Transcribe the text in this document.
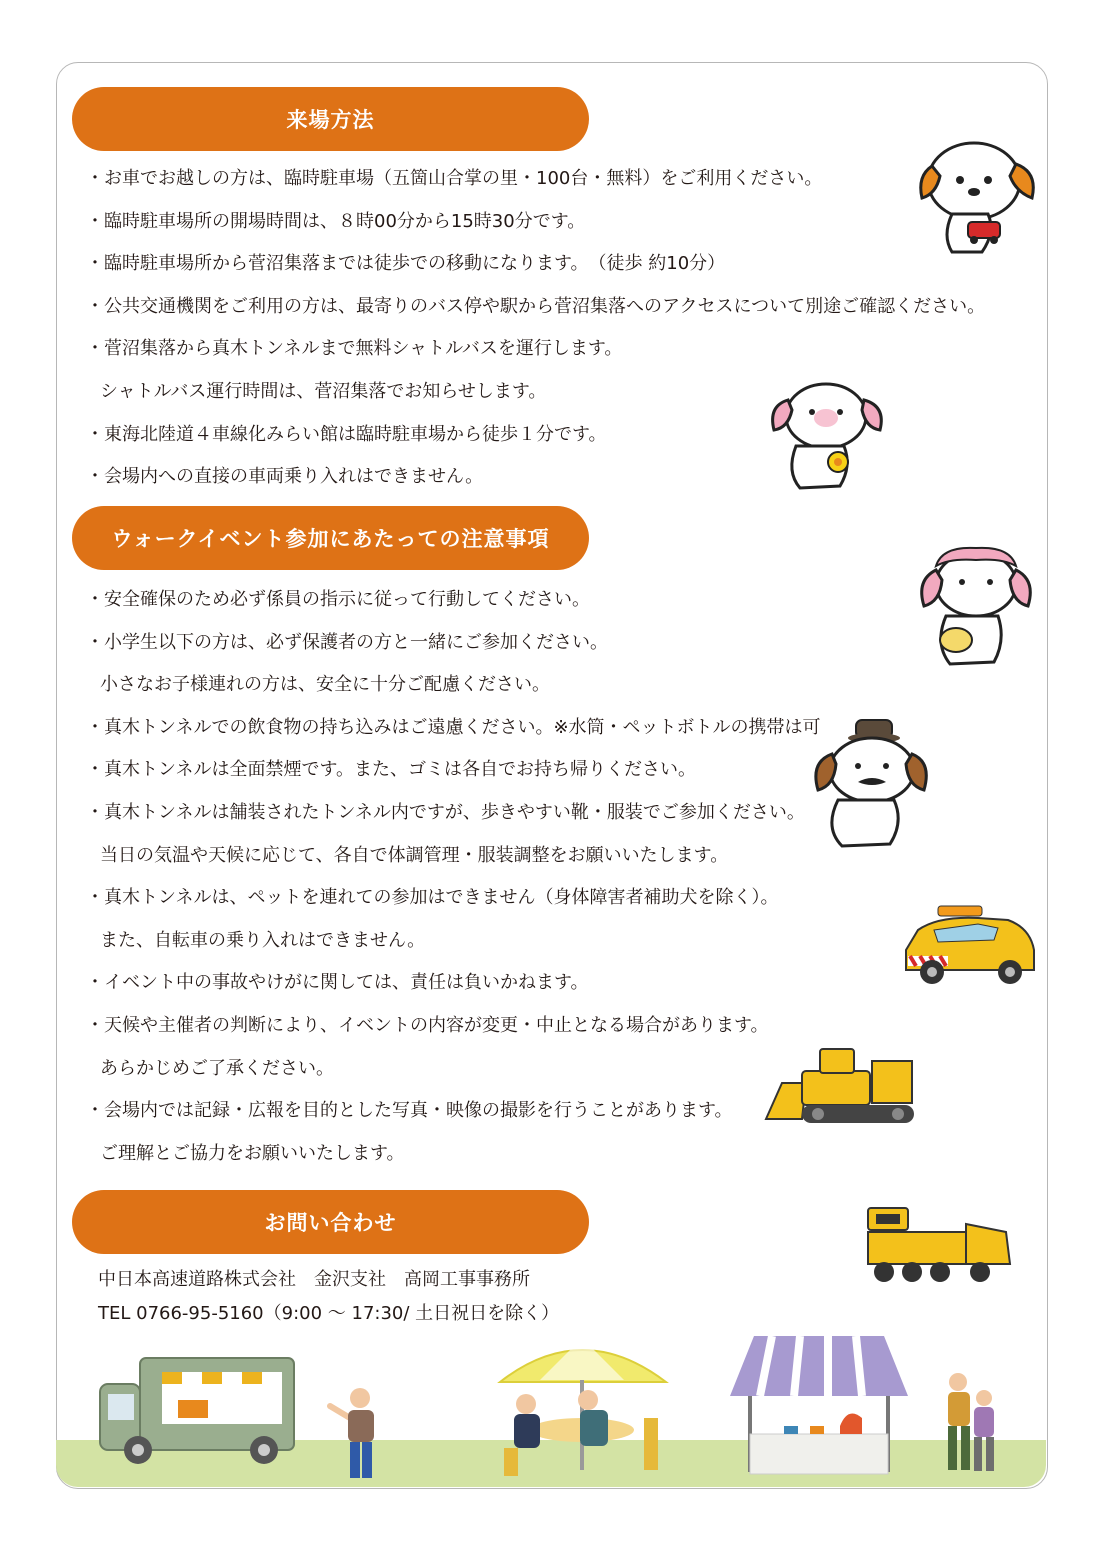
来場方法
・お車でお越しの方は、臨時駐車場（五箇山合掌の里・100台・無料）をご利用ください。
・臨時駐車場所の開場時間は、８時00分から15時30分です。
・臨時駐車場所から菅沼集落までは徒歩での移動になります。　（徒歩 約10分）
・公共交通機関をご利用の方は、最寄りのバス停や駅から菅沼集落へのアクセスについて別途ご確認ください。
・菅沼集落から真木トンネルまで無料シャトルバスを運行します。
シャトルバス運行時間は、菅沼集落でお知らせします。
・東海北陸道４車線化みらい館は臨時駐車場から徒歩１分です。
・会場内への直接の車両乗り入れはできません。
ウォークイベント参加にあたっての注意事項
・安全確保のため必ず係員の指示に従って行動してください。
・小学生以下の方は、必ず保護者の方と一緒にご参加ください。
小さなお子様連れの方は、安全に十分ご配慮ください。
・真木トンネルでの飲食物の持ち込みはご遠慮ください。※水筒・ペットボトルの携帯は可
・真木トンネルは全面禁煙です。また、ゴミは各自でお持ち帰りください。
・真木トンネルは舗装されたトンネル内ですが、歩きやすい靴・服装でご参加ください。
当日の気温や天候に応じて、各自で体調管理・服装調整をお願いいたします。
・真木トンネルは、ペットを連れての参加はできません（身体障害者補助犬を除く）。
また、自転車の乗り入れはできません。
・イベント中の事故やけがに関しては、責任は負いかねます。
・天候や主催者の判断により、イベントの内容が変更・中止となる場合があります。
あらかじめご了承ください。
・会場内では記録・広報を目的とした写真・映像の撮影を行うことがあります。
ご理解とご協力をお願いいたします。
お問い合わせ
中日本高速道路株式会社　金沢支社　高岡工事事務所
TEL 0766-95-5160（9:00 ～ 17:30/ 土日祝日を除く）
